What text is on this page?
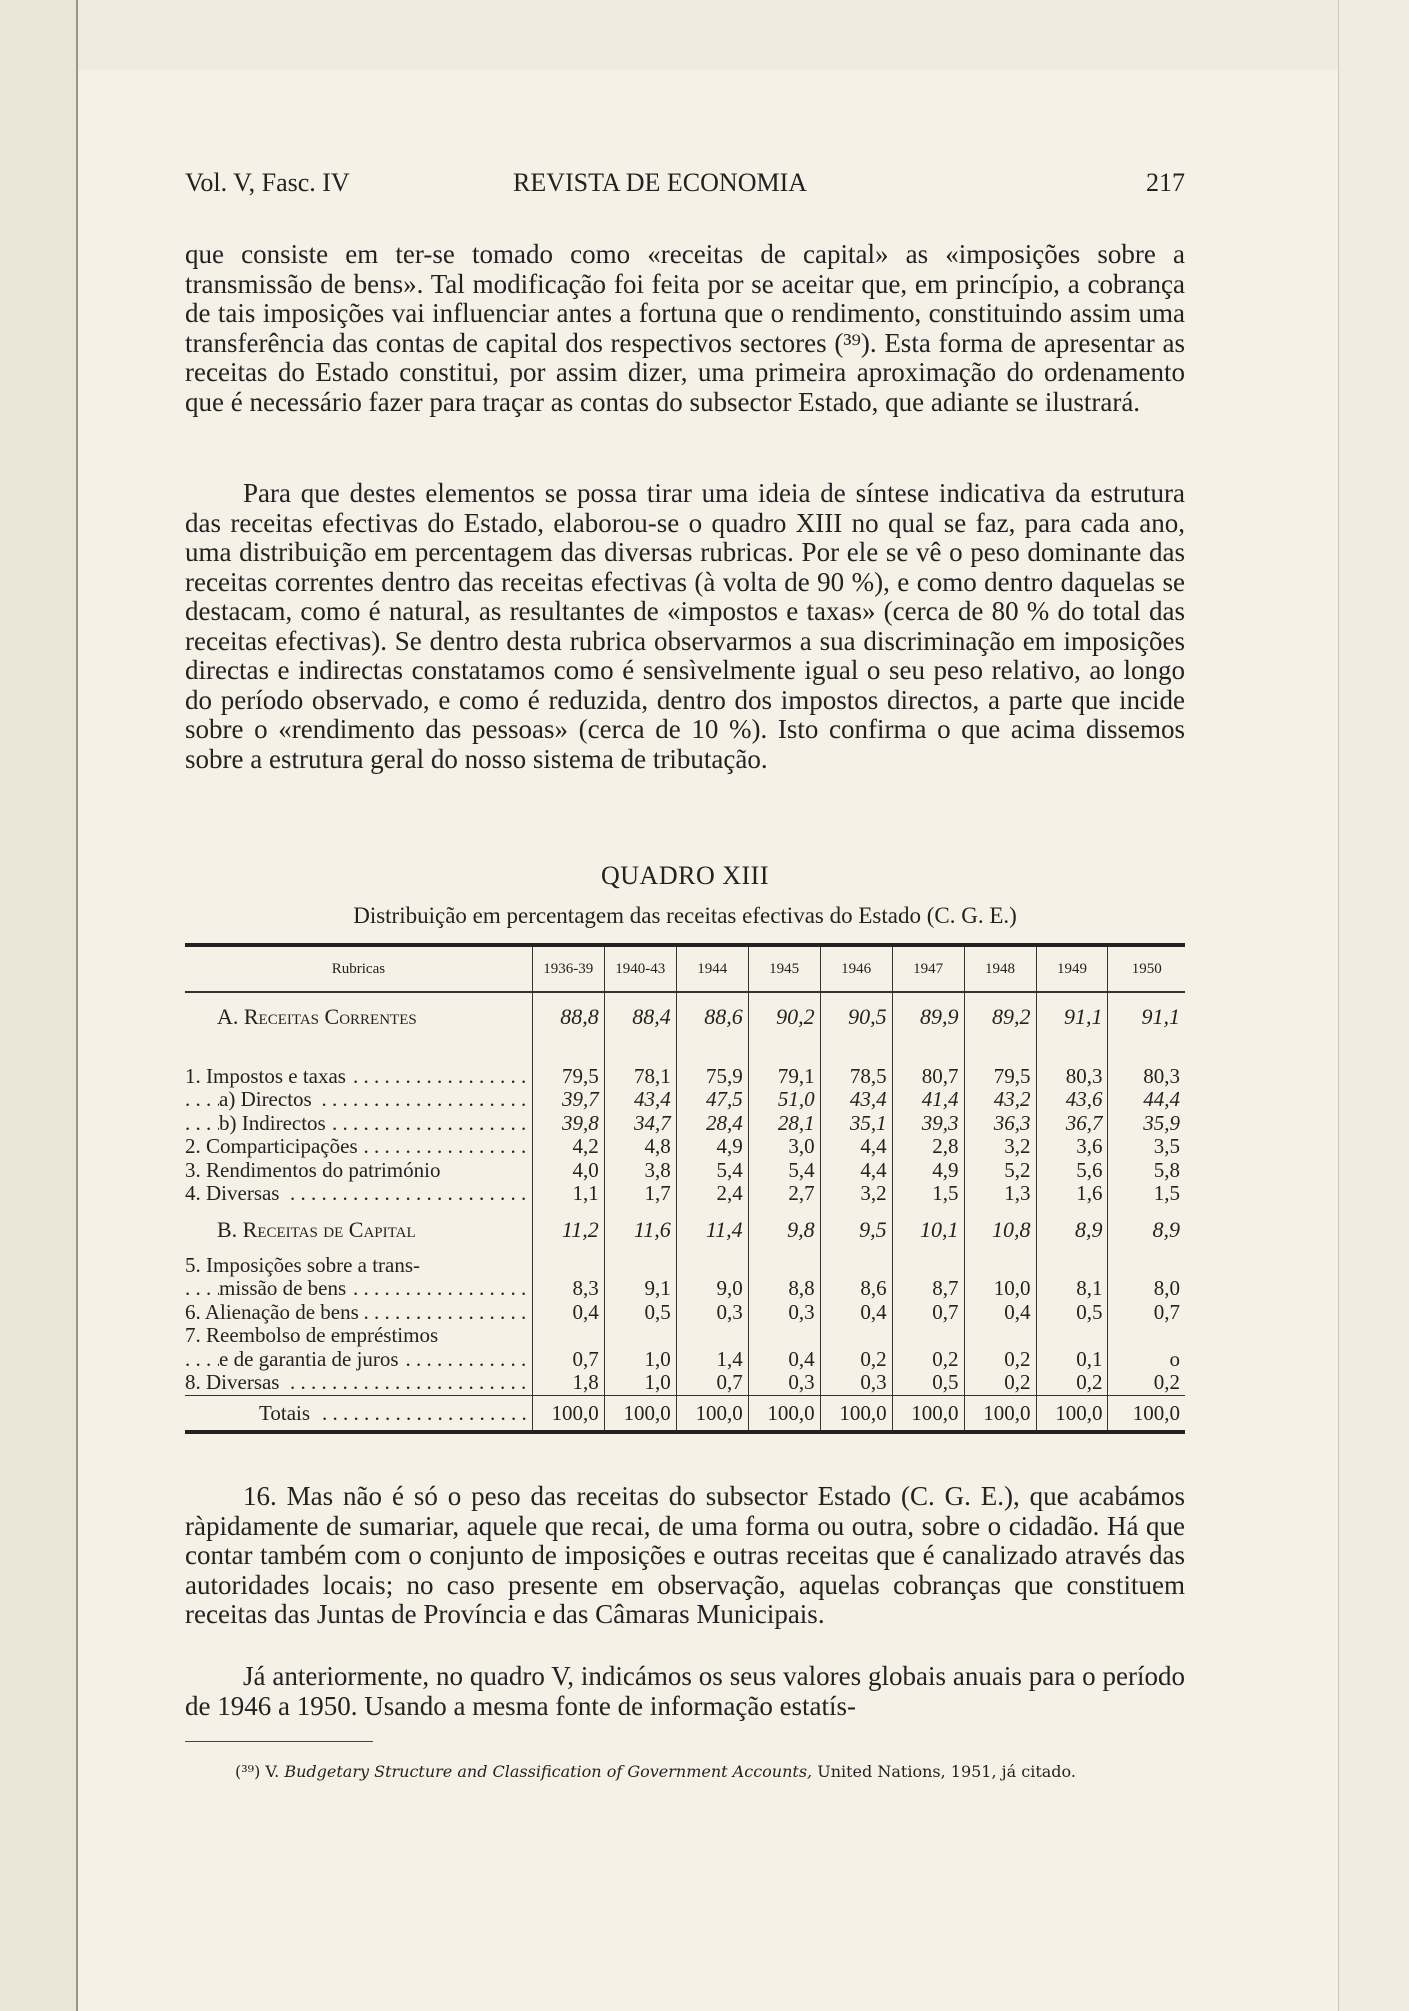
Vol. V, Fasc. IV	REVISTA DE ECONOMIA	217

que consiste em ter-se tomado como «receitas de capital» as «imposições sobre a transmissão de bens». Tal modificação foi feita por se aceitar que, em princípio, a cobrança de tais imposições vai influenciar antes a fortuna que o rendimento, constituindo assim uma transferência das contas de capital dos respectivos sectores (³⁹). Esta forma de apresentar as receitas do Estado constitui, por assim dizer, uma primeira aproximação do ordenamento que é necessário fazer para traçar as contas do subsector Estado, que adiante se ilustrará.

Para que destes elementos se possa tirar uma ideia de síntese indicativa da estrutura das receitas efectivas do Estado, elaborou-se o quadro XIII no qual se faz, para cada ano, uma distribuição em percentagem das diversas rubricas. Por ele se vê o peso dominante das receitas correntes dentro das receitas efectivas (à volta de 90 %), e como dentro daquelas se destacam, como é natural, as resultantes de «impostos e taxas» (cerca de 80 % do total das receitas efectivas). Se dentro desta rubrica observarmos a sua discriminação em imposições directas e indirectas constatamos como é sensìvelmente igual o seu peso relativo, ao longo do período observado, e como é reduzida, dentro dos impostos directos, a parte que incide sobre o «rendimento das pessoas» (cerca de 10 %). Isto confirma o que acima dissemos sobre a estrutura geral do nosso sistema de tributação.

QUADRO XIII
Distribuição em percentagem das receitas efectivas do Estado (C. G. E.)
Rubricas	1936-39	1940-43	1944	1945	1946	1947	1948	1949	1950
A. Receitas Correntes	88,8	88,4	88,6	90,2	90,5	89,9	89,2	91,1	91,1

1. Impostos e taxas . . .	79,5	78,1	75,9	79,1	78,5	80,7	79,5	80,3	80,3

a) Directos . . .	39,7	43,4	47,5	51,0	43,4	41,4	43,2	43,6	44,4

b) Indirectos . . .	39,8	34,7	28,4	28,1	35,1	39,3	36,3	36,7	35,9

2. Comparticipações . . .	4,2	4,8	4,9	3,0	4,4	2,8	3,2	3,6	3,5
3. Rendimentos do património	4,0	3,8	5,4	5,4	4,4	4,9	5,2	5,6	5,8

4. Diversas . . .	1,1	1,7	2,4	2,7	3,2	1,5	1,3	1,6	1,5
B. Receitas de Capital	11,2	11,6	11,4	9,8	9,5	10,1	10,8	8,9	8,9
5. Imposições sobre a trans-									

missão de bens . . .	8,3	9,1	9,0	8,8	8,6	8,7	10,0	8,1	8,0

6. Alienação de bens . . .	0,4	0,5	0,3	0,3	0,4	0,7	0,4	0,5	0,7
7. Reembolso de empréstimos									

e de garantia de juros . . .	0,7	1,0	1,4	0,4	0,2	0,2	0,2	0,1	o

8. Diversas . . .	1,8	1,0	0,7	0,3	0,3	0,5	0,2	0,2	0,2

Totais . . .	100,0	100,0	100,0	100,0	100,0	100,0	100,0	100,0	100,0

16. Mas não é só o peso das receitas do subsector Estado (C. G. E.), que acabámos ràpidamente de sumariar, aquele que recai, de uma forma ou outra, sobre o cidadão. Há que contar também com o conjunto de imposições e outras receitas que é canalizado através das autoridades locais; no caso presente em observação, aquelas cobranças que constituem receitas das Juntas de Província e das Câmaras Municipais.

Já anteriormente, no quadro V, indicámos os seus valores globais anuais para o período de 1946 a 1950. Usando a mesma fonte de informação estatís-

(³⁹) V. Budgetary Structure and Classification of Government Accounts, United Nations, 1951, já citado.
